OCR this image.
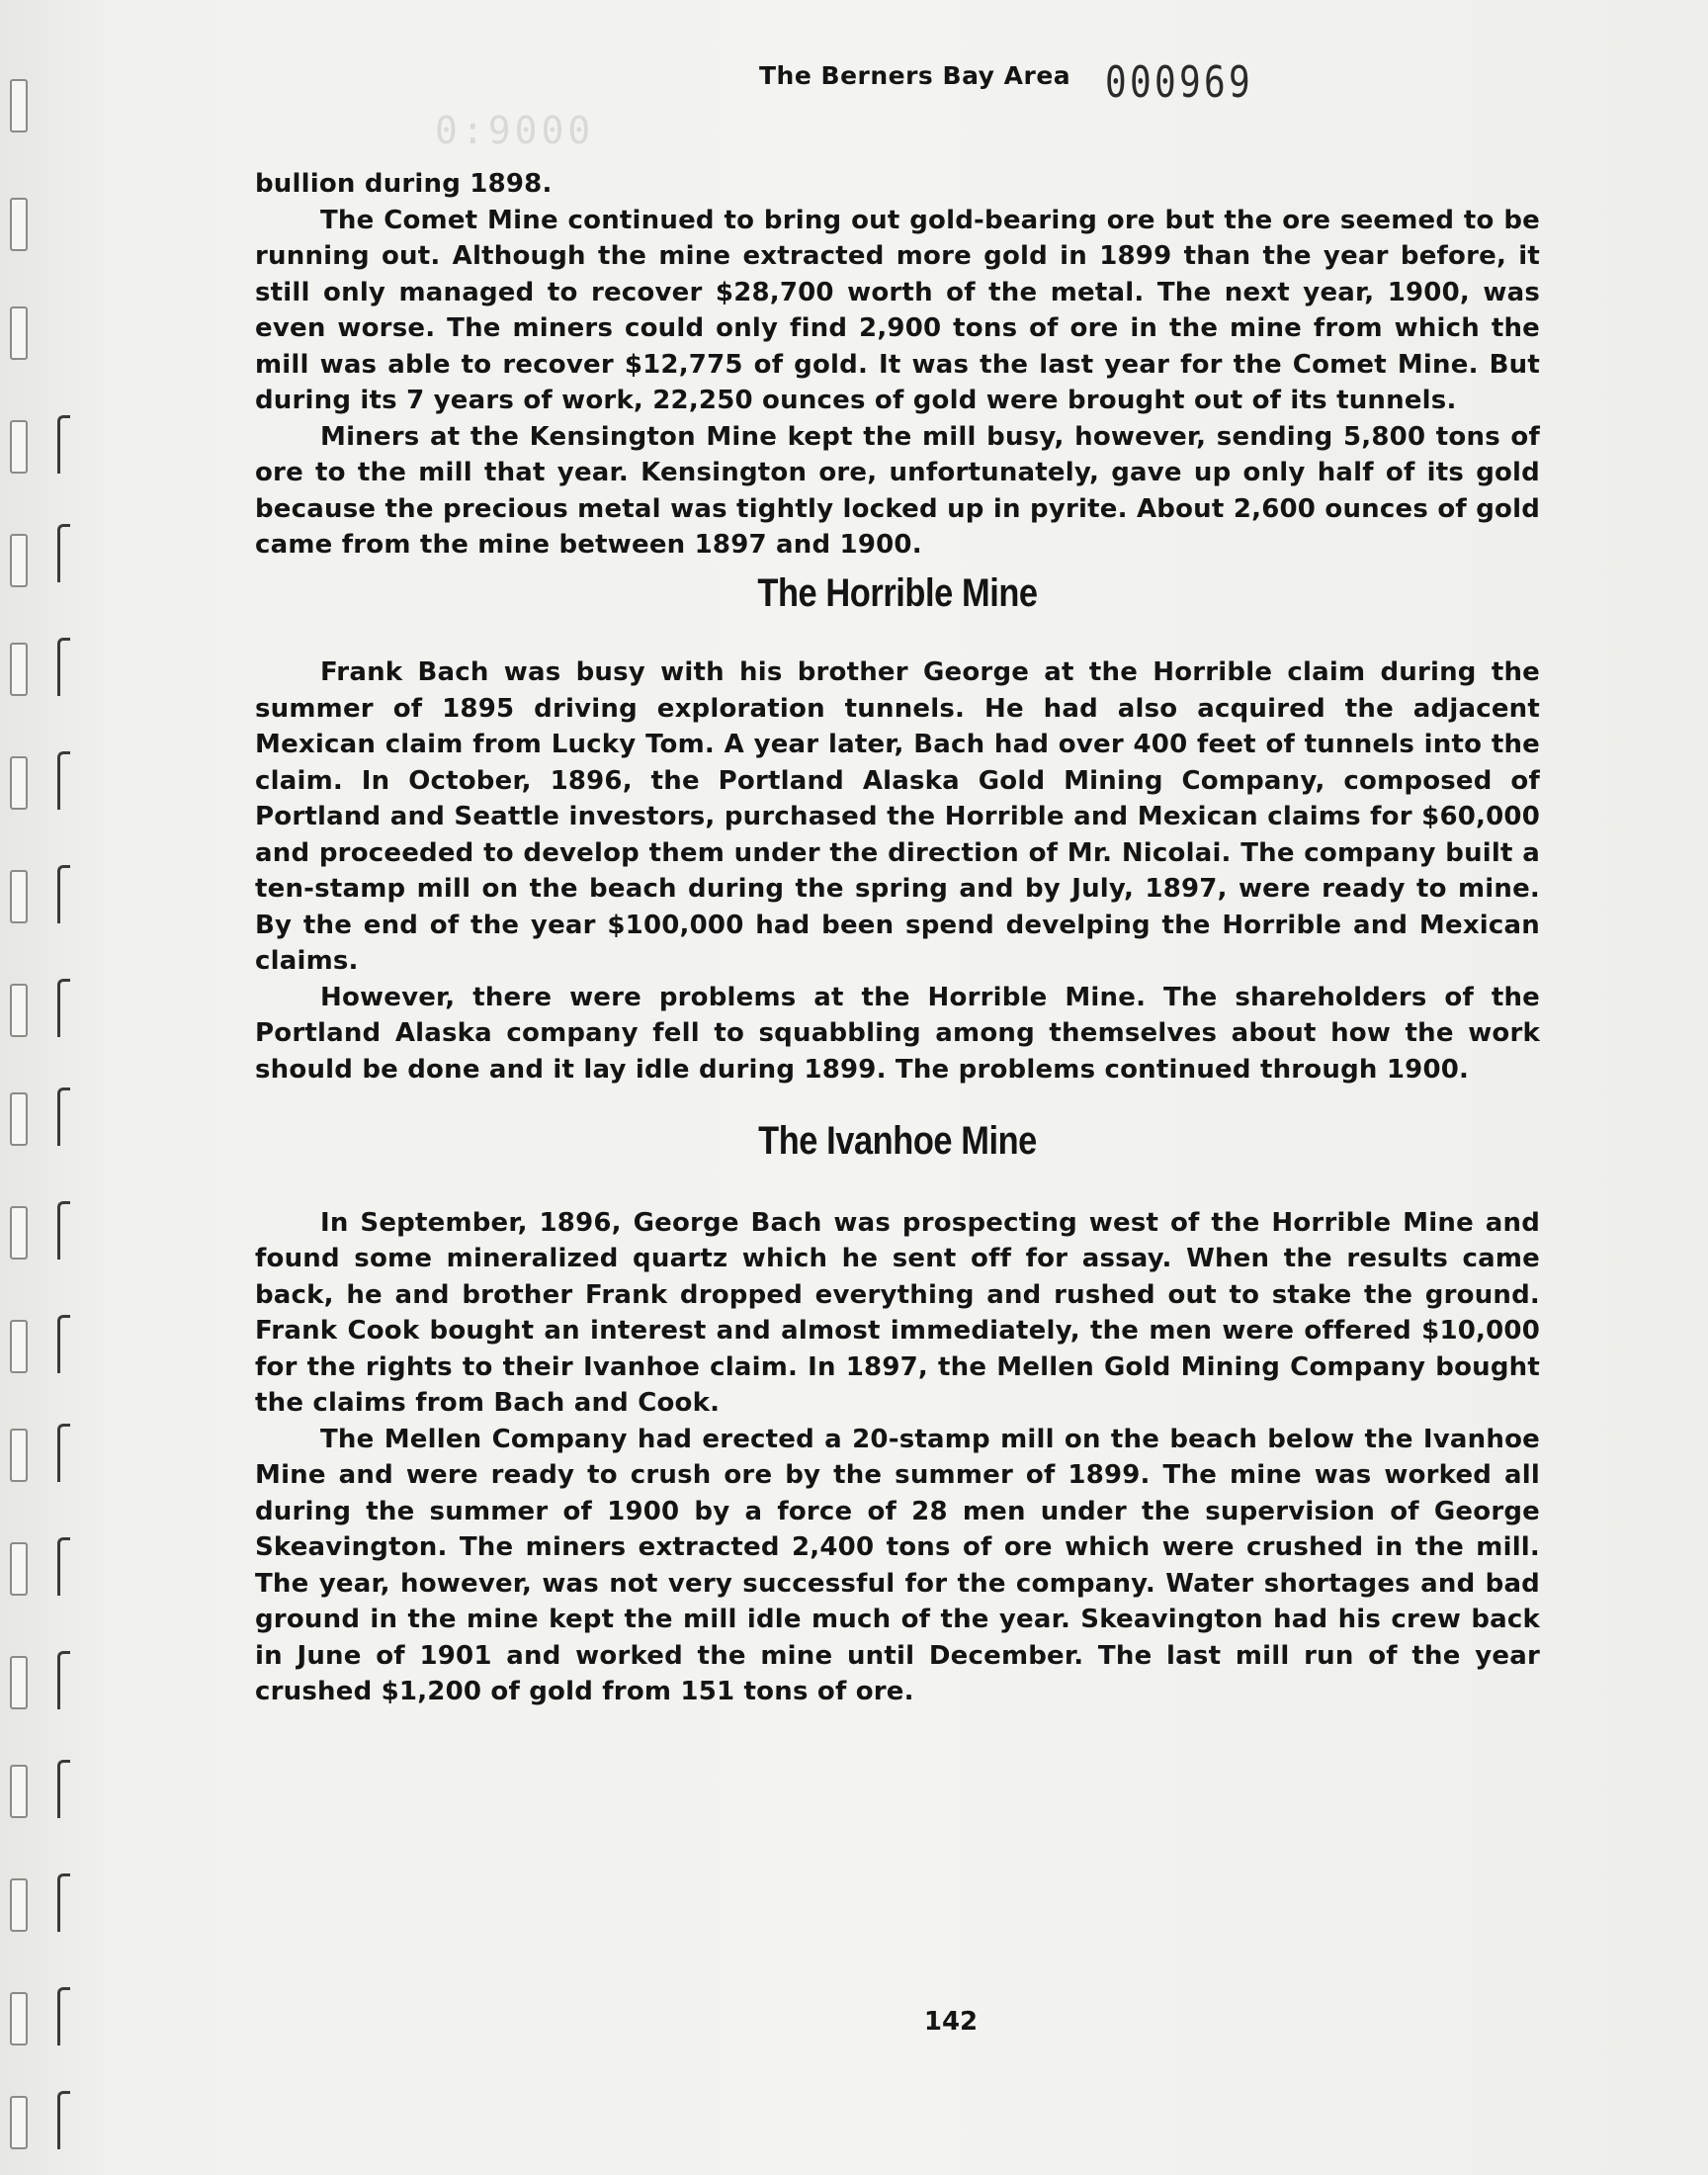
0:9000
The Berners Bay Area 000969

bullion during 1898.

The Comet Mine continued to bring out gold-bearing ore but the ore seemed to be running out. Although the mine extracted more gold in 1899 than the year before, it still only managed to recover $28,700 worth of the metal. The next year, 1900, was even worse. The miners could only find 2,900 tons of ore in the mine from which the mill was able to recover $12,775 of gold. It was the last year for the Comet Mine. But during its 7 years of work, 22,250 ounces of gold were brought out of its tunnels.

Miners at the Kensington Mine kept the mill busy, however, sending 5,800 tons of ore to the mill that year. Kensington ore, unfortunately, gave up only half of its gold because the precious metal was tightly locked up in pyrite. About 2,600 ounces of gold came from the mine between 1897 and 1900.

The Horrible Mine

Frank Bach was busy with his brother George at the Horrible claim during the summer of 1895 driving exploration tunnels. He had also acquired the adjacent Mexican claim from Lucky Tom. A year later, Bach had over 400 feet of tunnels into the claim. In October, 1896, the Portland Alaska Gold Mining Company, composed of Portland and Seattle investors, purchased the Horrible and Mexican claims for $60,000 and proceeded to develop them under the direction of Mr. Nicolai. The company built a ten-stamp mill on the beach during the spring and by July, 1897, were ready to mine. By the end of the year $100,000 had been spend develping the Horrible and Mexican claims.

However, there were problems at the Horrible Mine. The shareholders of the Portland Alaska company fell to squabbling among themselves about how the work should be done and it lay idle during 1899. The problems continued through 1900.

The Ivanhoe Mine

In September, 1896, George Bach was prospecting west of the Horrible Mine and found some mineralized quartz which he sent off for assay. When the results came back, he and brother Frank dropped everything and rushed out to stake the ground. Frank Cook bought an interest and almost immediately, the men were offered $10,000 for the rights to their Ivanhoe claim. In 1897, the Mellen Gold Mining Company bought the claims from Bach and Cook.

The Mellen Company had erected a 20-stamp mill on the beach below the Ivanhoe Mine and were ready to crush ore by the summer of 1899. The mine was worked all during the summer of 1900 by a force of 28 men under the supervision of George Skeavington. The miners extracted 2,400 tons of ore which were crushed in the mill. The year, however, was not very successful for the company. Water shortages and bad ground in the mine kept the mill idle much of the year. Skeavington had his crew back in June of 1901 and worked the mine until December. The last mill run of the year crushed $1,200 of gold from 151 tons of ore.

142
